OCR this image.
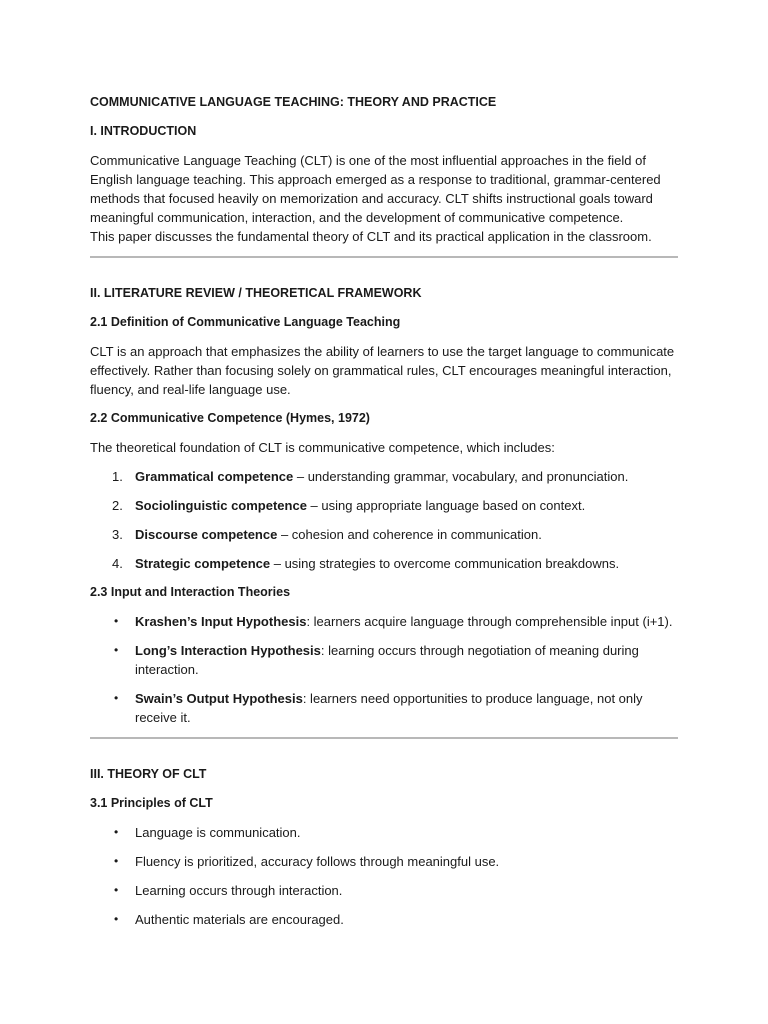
COMMUNICATIVE LANGUAGE TEACHING: THEORY AND PRACTICE
I. INTRODUCTION

Communicative Language Teaching (CLT) is one of the most influential approaches in the field of English language teaching. This approach emerged as a response to traditional, grammar-centered methods that focused heavily on memorization and accuracy. CLT shifts instructional goals toward meaningful communication, interaction, and the development of communicative competence.
This paper discusses the fundamental theory of CLT and its practical application in the classroom.

II. LITERATURE REVIEW / THEORETICAL FRAMEWORK
2.1 Definition of Communicative Language Teaching

CLT is an approach that emphasizes the ability of learners to use the target language to communicate effectively. Rather than focusing solely on grammatical rules, CLT encourages meaningful interaction, fluency, and real-life language use.

2.2 Communicative Competence (Hymes, 1972)

The theoretical foundation of CLT is communicative competence, which includes:

1. Grammatical competence – understanding grammar, vocabulary, and pronunciation.
2. Sociolinguistic competence – using appropriate language based on context.
3. Discourse competence – cohesion and coherence in communication.
4. Strategic competence – using strategies to overcome communication breakdowns.
2.3 Input and Interaction Theories
• Krashen’s Input Hypothesis: learners acquire language through comprehensible input (i+1).
• Long’s Interaction Hypothesis: learning occurs through negotiation of meaning during interaction.
• Swain’s Output Hypothesis: learners need opportunities to produce language, not only receive it.
III. THEORY OF CLT
3.1 Principles of CLT
• Language is communication.
• Fluency is prioritized, accuracy follows through meaningful use.
• Learning occurs through interaction.
• Authentic materials are encouraged.
